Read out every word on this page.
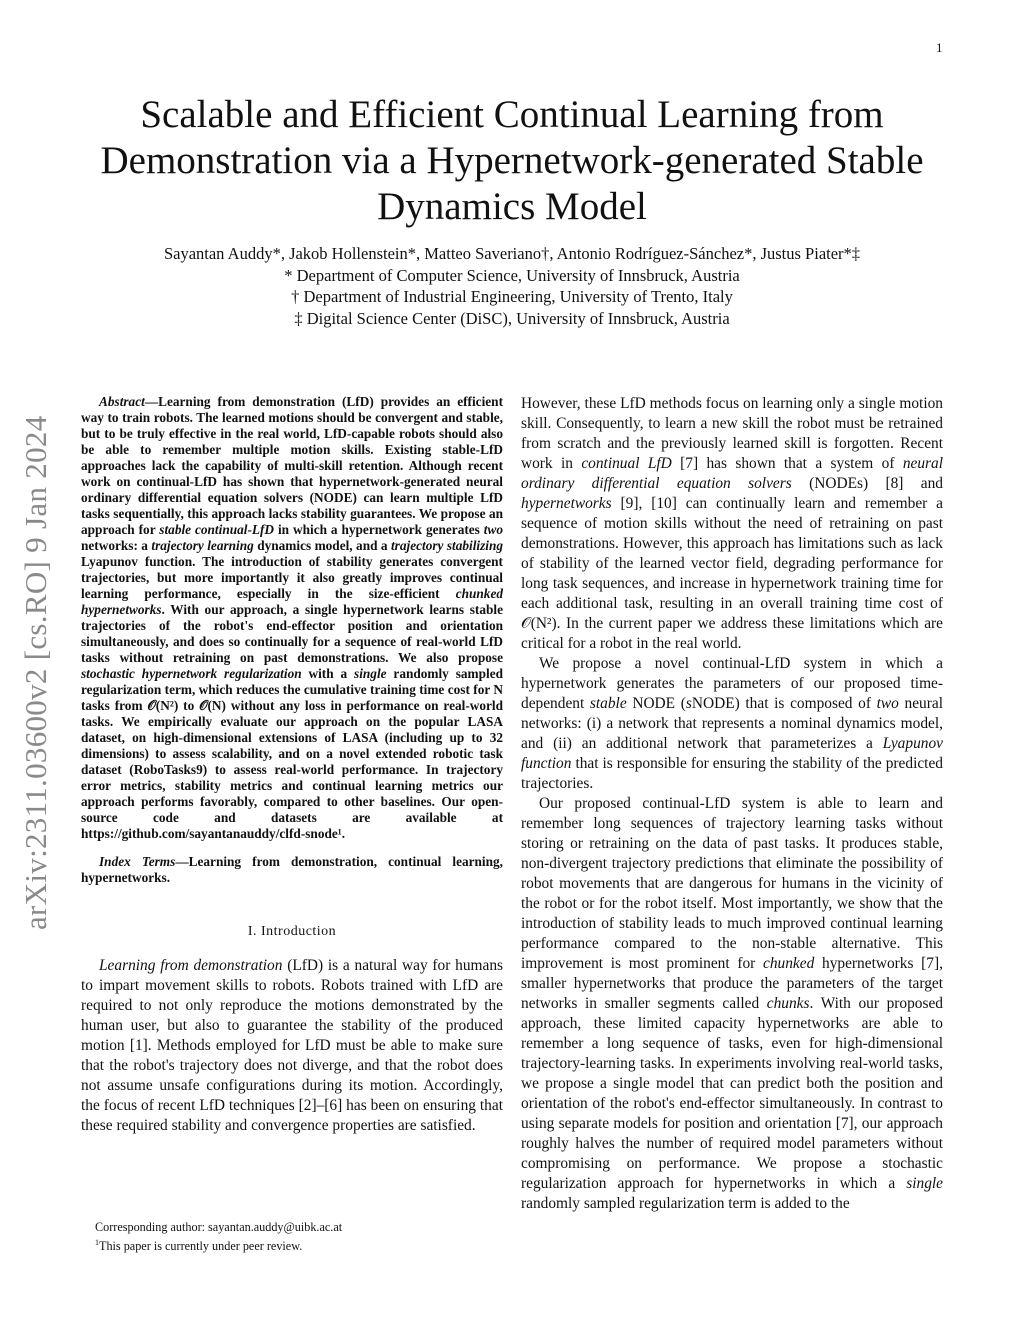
1
arXiv:2311.03600v2 [cs.RO] 9 Jan 2024
Scalable and Efficient Continual Learning from
Demonstration via a Hypernetwork-generated Stable
Dynamics Model
Sayantan Auddy*, Jakob Hollenstein*, Matteo Saveriano†, Antonio Rodríguez-Sánchez*, Justus Piater*‡
* Department of Computer Science, University of Innsbruck, Austria
† Department of Industrial Engineering, University of Trento, Italy
‡ Digital Science Center (DiSC), University of Innsbruck, Austria

Abstract—Learning from demonstration (LfD) provides an efficient way to train robots. The learned motions should be convergent and stable, but to be truly effective in the real world, LfD-capable robots should also be able to remember multiple motion skills. Existing stable-LfD approaches lack the capability of multi-skill retention. Although recent work on continual-LfD has shown that hypernetwork-generated neural ordinary differential equation solvers (NODE) can learn multiple LfD tasks sequentially, this approach lacks stability guarantees. We propose an approach for stable continual-LfD in which a hypernetwork generates two networks: a trajectory learning dynamics model, and a trajectory stabilizing Lyapunov function. The introduction of stability generates convergent trajectories, but more importantly it also greatly improves continual learning performance, especially in the size-efficient chunked hypernetworks. With our approach, a single hypernetwork learns stable trajectories of the robot's end-effector position and orientation simultaneously, and does so continually for a sequence of real-world LfD tasks without retraining on past demonstrations. We also propose stochastic hypernetwork regularization with a single randomly sampled regularization term, which reduces the cumulative training time cost for N tasks from 𝒪(N²) to 𝒪(N) without any loss in performance on real-world tasks. We empirically evaluate our approach on the popular LASA dataset, on high-dimensional extensions of LASA (including up to 32 dimensions) to assess scalability, and on a novel extended robotic task dataset (RoboTasks9) to assess real-world performance. In trajectory error metrics, stability metrics and continual learning metrics our approach performs favorably, compared to other baselines. Our open-source code and datasets are available at https://github.com/sayantanauddy/clfd-snode¹.

Index Terms—Learning from demonstration, continual learning, hypernetworks.

I. Introduction

Learning from demonstration (LfD) is a natural way for humans to impart movement skills to robots. Robots trained with LfD are required to not only reproduce the motions demonstrated by the human user, but also to guarantee the stability of the produced motion [1]. Methods employed for LfD must be able to make sure that the robot's trajectory does not diverge, and that the robot does not assume unsafe configurations during its motion. Accordingly, the focus of recent LfD techniques [2]–[6] has been on ensuring that these required stability and convergence properties are satisfied.

Corresponding author: sayantan.auddy@uibk.ac.at
$^1$This paper is currently under peer review.

However, these LfD methods focus on learning only a single motion skill. Consequently, to learn a new skill the robot must be retrained from scratch and the previously learned skill is forgotten. Recent work in continual LfD [7] has shown that a system of neural ordinary differential equation solvers (NODEs) [8] and hypernetworks [9], [10] can continually learn and remember a sequence of motion skills without the need of retraining on past demonstrations. However, this approach has limitations such as lack of stability of the learned vector field, degrading performance for long task sequences, and increase in hypernetwork training time for each additional task, resulting in an overall training time cost of 𝒪(N²). In the current paper we address these limitations which are critical for a robot in the real world.

We propose a novel continual-LfD system in which a hypernetwork generates the parameters of our proposed time-dependent stable NODE (sNODE) that is composed of two neural networks: (i) a network that represents a nominal dynamics model, and (ii) an additional network that parameterizes a Lyapunov function that is responsible for ensuring the stability of the predicted trajectories.

Our proposed continual-LfD system is able to learn and remember long sequences of trajectory learning tasks without storing or retraining on the data of past tasks. It produces stable, non-divergent trajectory predictions that eliminate the possibility of robot movements that are dangerous for humans in the vicinity of the robot or for the robot itself. Most importantly, we show that the introduction of stability leads to much improved continual learning performance compared to the non-stable alternative. This improvement is most prominent for chunked hypernetworks [7], smaller hypernetworks that produce the parameters of the target networks in smaller segments called chunks. With our proposed approach, these limited capacity hypernetworks are able to remember a long sequence of tasks, even for high-dimensional trajectory-learning tasks. In experiments involving real-world tasks, we propose a single model that can predict both the position and orientation of the robot's end-effector simultaneously. In contrast to using separate models for position and orientation [7], our approach roughly halves the number of required model parameters without compromising on performance. We propose a stochastic regularization approach for hypernetworks in which a single randomly sampled regularization term is added to the
